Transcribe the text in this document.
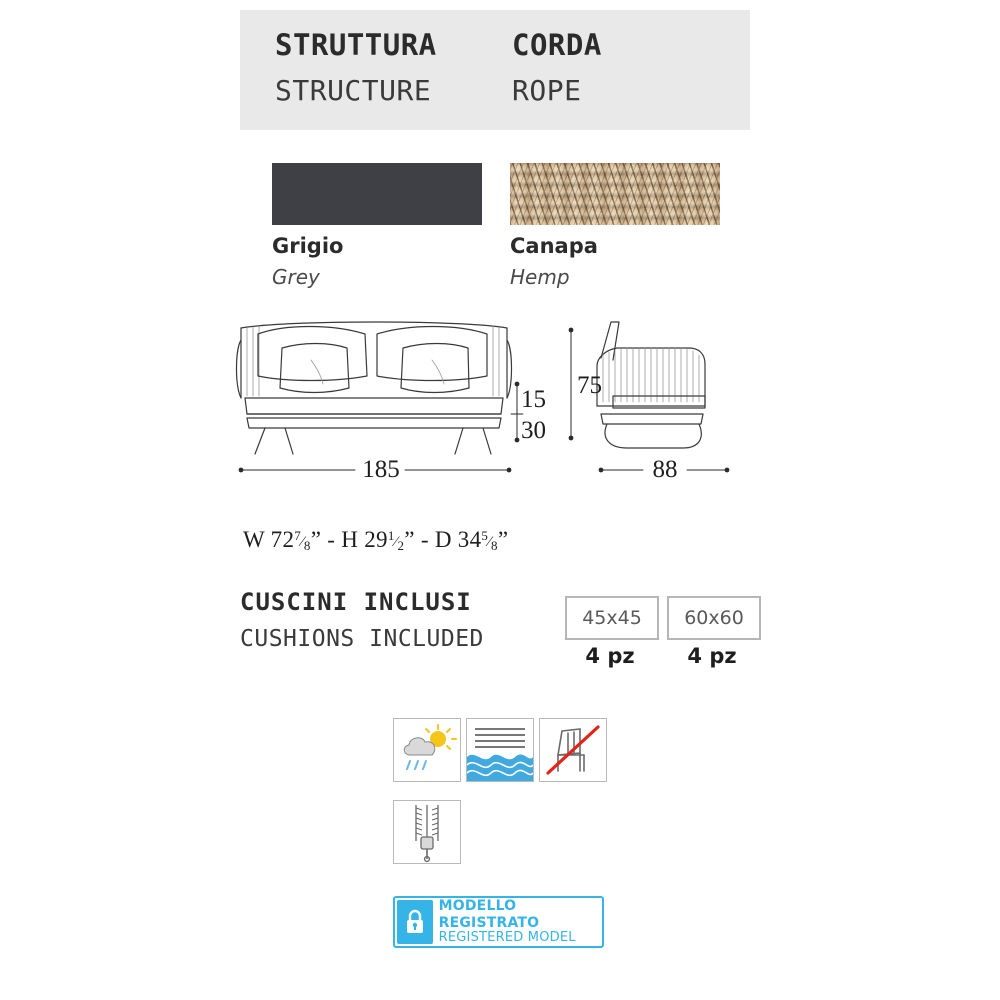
STRUTTURA
STRUCTURE
CORDA
ROPE
Grigio
Grey
Canapa
Hemp
185
15
30
75
88
W $72^7⁄_8$” - H $29^1⁄_2$” - D $34^5⁄_8$”
CUSCINI INCLUSI
CUSHIONS INCLUDED
45x45	60x60
4 pz	4 pz
MODELLO REGISTRATO
REGISTERED MODEL
